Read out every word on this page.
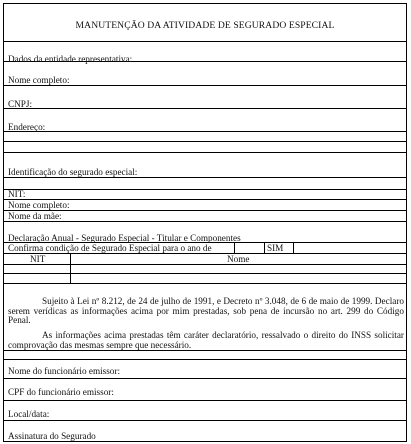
MANUTENÇÃO DA ATIVIDADE DE SEGURADO ESPECIAL
Dados da entidade representativa:
Nome completo:
CNPJ:
Endereço:
Identificação do segurado especial:
NIT:
Nome completo:
Nome da mãe:
Declaração Anual - Segurado Especial - Titular e Componentes
Confirma condição de Segurado Especial para o ano de	SIM
NIT	Nome
Sujeito à Lei nº 8.212, de 24 de julho de 1991, e Decreto nº 3.048, de 6 de maio de 1999. Declaro serem verídicas as informações acima por mim prestadas, sob pena de incursão no art. 299 do Código Penal.
As informações acima prestadas têm caráter declaratório, ressalvado o direito do INSS solicitar comprovação das mesmas sempre que necessário.
Nome do funcionário emissor:
CPF do funcionário emissor:
Local/data:
Assinatura do Segurado
